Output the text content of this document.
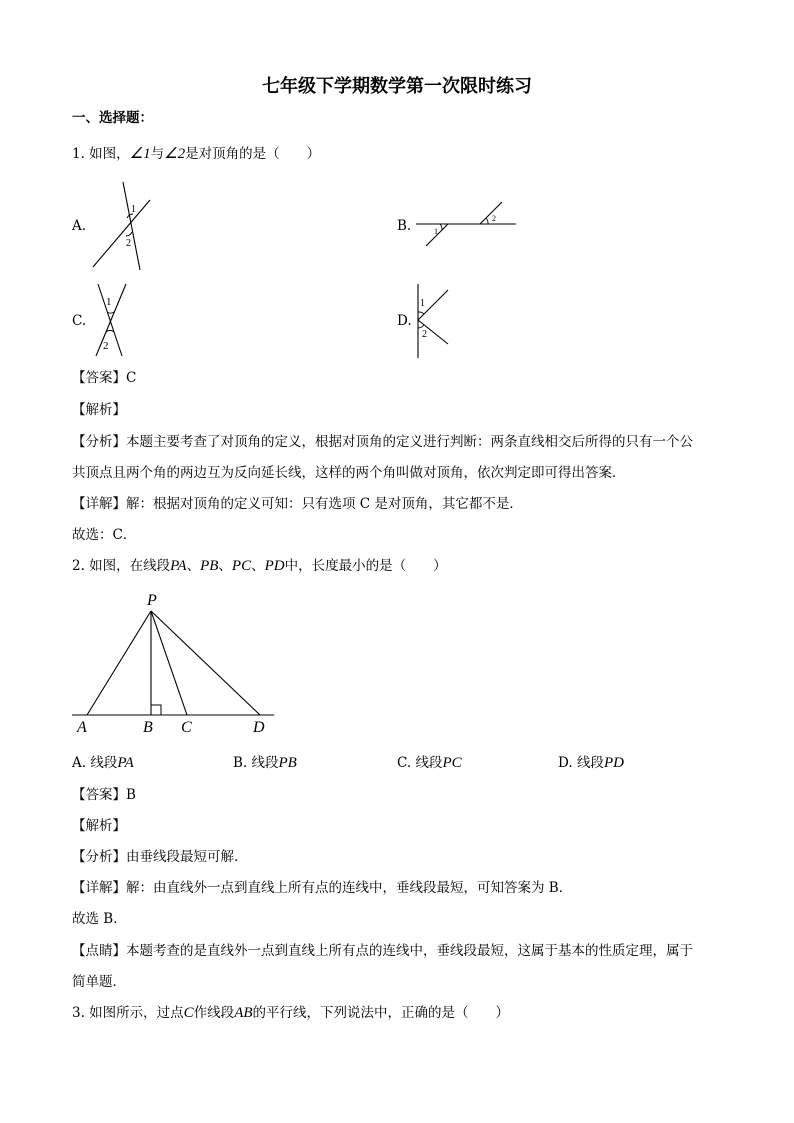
七年级下学期数学第一次限时练习
一、选择题：
1. 如图，∠1与∠2是对顶角的是（　　）
A.
1
2
B.	1
2
C.
1
2
D.
1
2
【答案】C
【解析】
【分析】本题主要考查了对顶角的定义，根据对顶角的定义进行判断：两条直线相交后所得的只有一个公
共顶点且两个角的两边互为反向延长线，这样的两个角叫做对顶角，依次判定即可得出答案．
【详解】解：根据对顶角的定义可知：只有选项 C 是对顶角，其它都不是．
故选：C．
2. 如图，在线段PA、PB、PC、PD中，长度最小的是（　　）
P
A	B C	D
A. 线段PA	B. 线段PB	C. 线段PC	D. 线段PD
【答案】B
【解析】
【分析】由垂线段最短可解．
【详解】解：由直线外一点到直线上所有点的连线中，垂线段最短，可知答案为 B．
故选 B．
【点睛】本题考查的是直线外一点到直线上所有点的连线中，垂线段最短，这属于基本的性质定理，属于
简单题．
3. 如图所示，过点C作线段AB的平行线，下列说法中，正确的是（　　）
